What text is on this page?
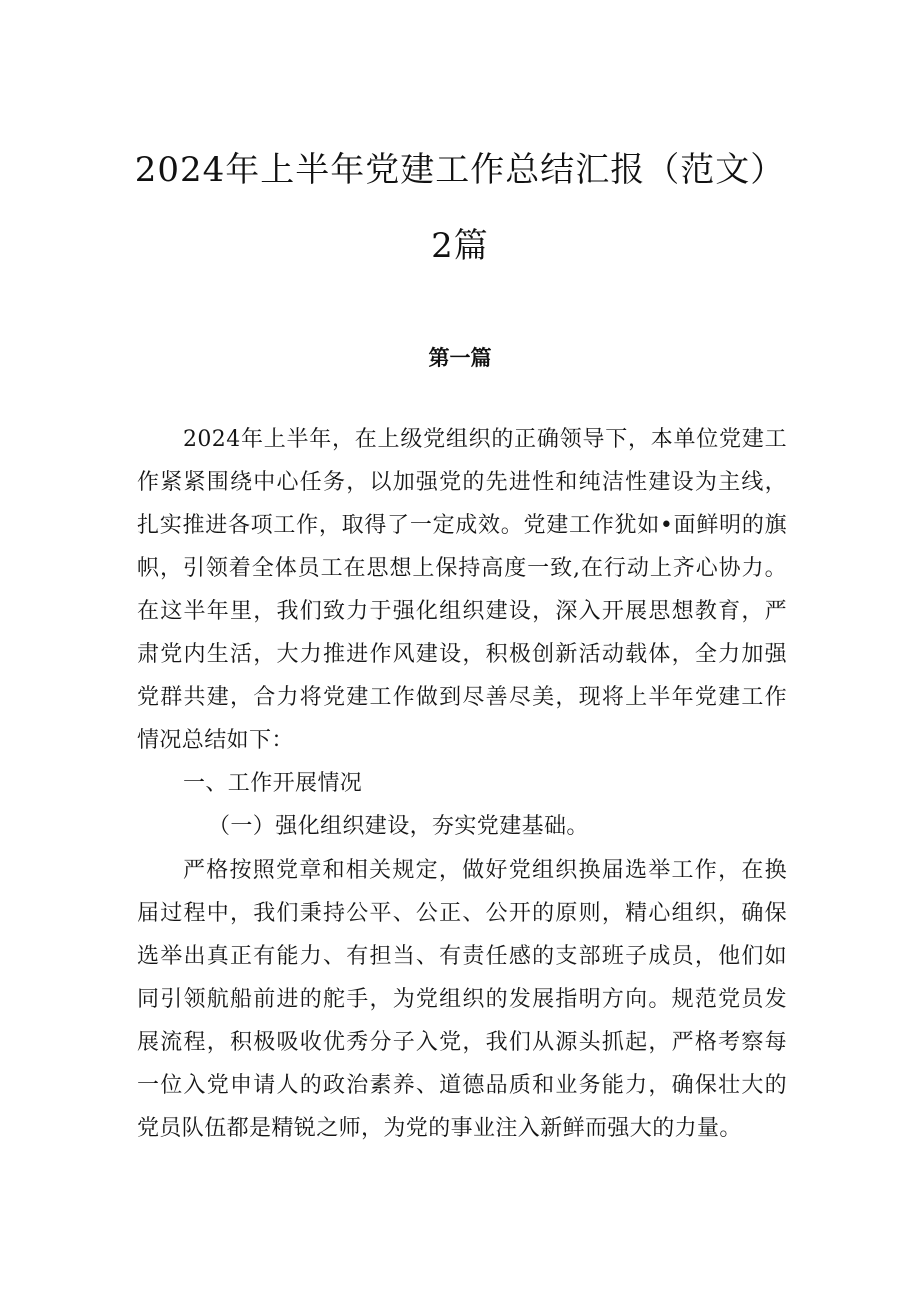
2024年上半年党建工作总结汇报（范文）
2篇
第一篇
2024年上半年，在上级党组织的正确领导下，本单位党建工
作紧紧围绕中心任务，以加强党的先进性和纯洁性建设为主线，
扎实推进各项工作，取得了一定成效。党建工作犹如•面鲜明的旗
帜，引领着全体员工在思想上保持高度一致,在行动上齐心协力。
在这半年里，我们致力于强化组织建设，深入开展思想教育，严
肃党内生活，大力推进作风建设，积极创新活动载体，全力加强
党群共建，合力将党建工作做到尽善尽美，现将上半年党建工作
情况总结如下：
一、工作开展情况
（一）强化组织建设，夯实党建基础。
严格按照党章和相关规定，做好党组织换届选举工作，在换
届过程中，我们秉持公平、公正、公开的原则，精心组织，确保
选举出真正有能力、有担当、有责任感的支部班子成员，他们如
同引领航船前进的舵手，为党组织的发展指明方向。规范党员发
展流程，积极吸收优秀分子入党，我们从源头抓起，严格考察每
一位入党申请人的政治素养、道德品质和业务能力，确保壮大的
党员队伍都是精锐之师，为党的事业注入新鲜而强大的力量。
